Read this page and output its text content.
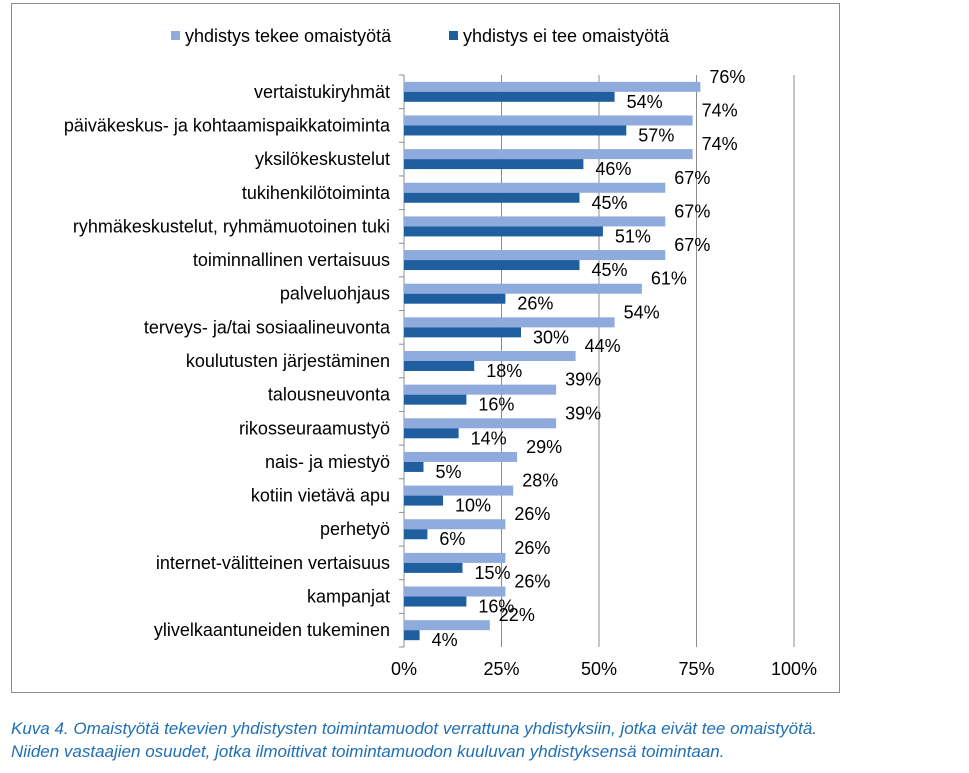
0%	25%	50%	75%	100%
vertaistukiryhmät
76%
54%
päiväkeskus- ja kohtaamispaikkatoiminta
74%
57%
yksilökeskustelut
74%
46%
tukihenkilötoiminta
67%
45%
ryhmäkeskustelut, ryhmämuotoinen tuki
67%
51%
toiminnallinen vertaisuus
67%
45%
palveluohjaus
61%
26%
terveys- ja/tai sosiaalineuvonta
54%
30%
koulutusten järjestäminen
44%
18%
talousneuvonta
39%
16%
rikosseuraamustyö
39%
14%
nais- ja miestyö
29%
5%
kotiin vietävä apu
28%
10%
perhetyö
26%
6%
internet-välitteinen vertaisuus
26%
15%
kampanjat
26%
16%
ylivelkaantuneiden tukeminen
22%
4%
yhdistys tekee omaistyötä	yhdistys ei tee omaistyötä
Kuva 4. Omaistyötä tekevien yhdistysten toimintamuodot verrattuna yhdistyksiin, jotka eivät tee omaistyötä.
Niiden vastaajien osuudet, jotka ilmoittivat toimintamuodon kuuluvan yhdistyksensä toimintaan.
